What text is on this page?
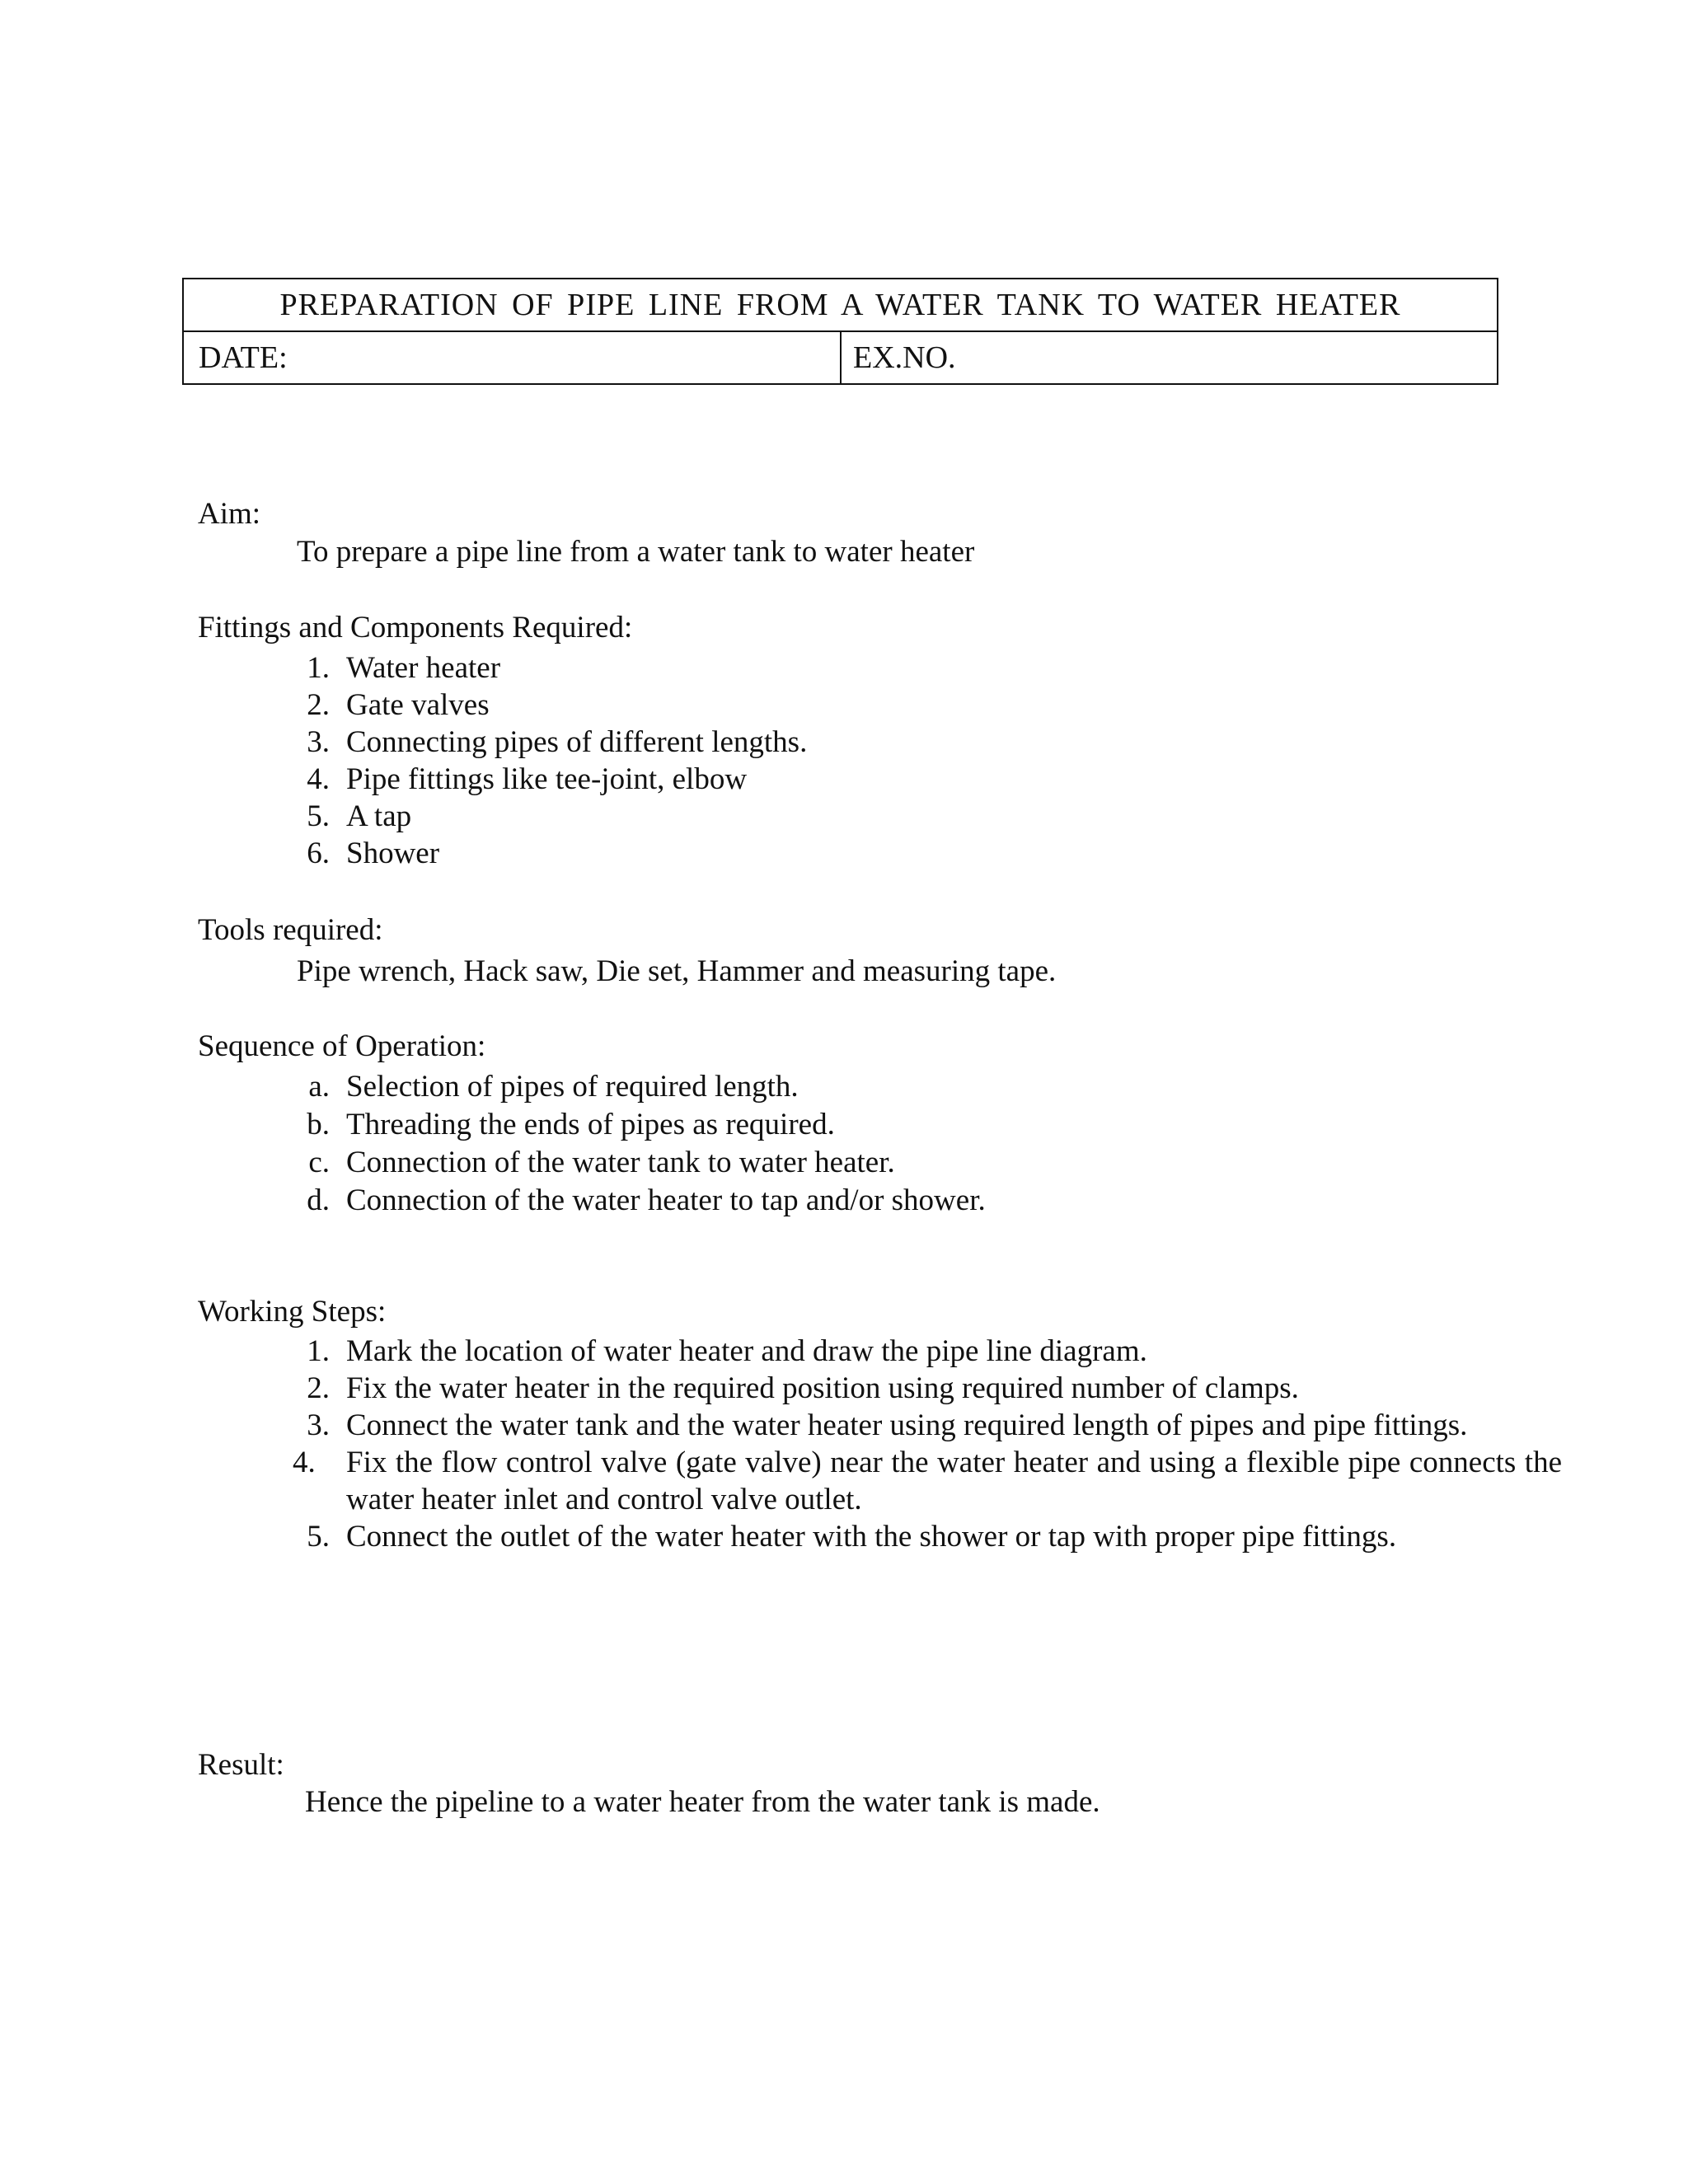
PREPARATION OF PIPE LINE FROM A WATER TANK TO WATER HEATER
DATE:	EX.NO.
Aim:
To prepare a pipe line from a water tank to water heater
Fittings and Components Required:
1. Water heater
2. Gate valves
3. Connecting pipes of different lengths.
4. Pipe fittings like tee-joint, elbow
5. A tap
6. Shower
Tools required:
Pipe wrench, Hack saw, Die set, Hammer and measuring tape.
Sequence of Operation:
a. Selection of pipes of required length.
b. Threading the ends of pipes as required.
c. Connection of the water tank to water heater.
d. Connection of the water heater to tap and/or shower.
Working Steps:
1. Mark the location of water heater and draw the pipe line diagram.
2. Fix the water heater in the required position using required number of clamps.
3. Connect the water tank and the water heater using required length of pipes and pipe fittings.
4.	Fix the flow control valve (gate valve) near the water heater and using a flexible pipe connects the water heater inlet and control valve outlet.
5. Connect the outlet of the water heater with the shower or tap with proper pipe fittings.
Result:
Hence the pipeline to a water heater from the water tank is made.
